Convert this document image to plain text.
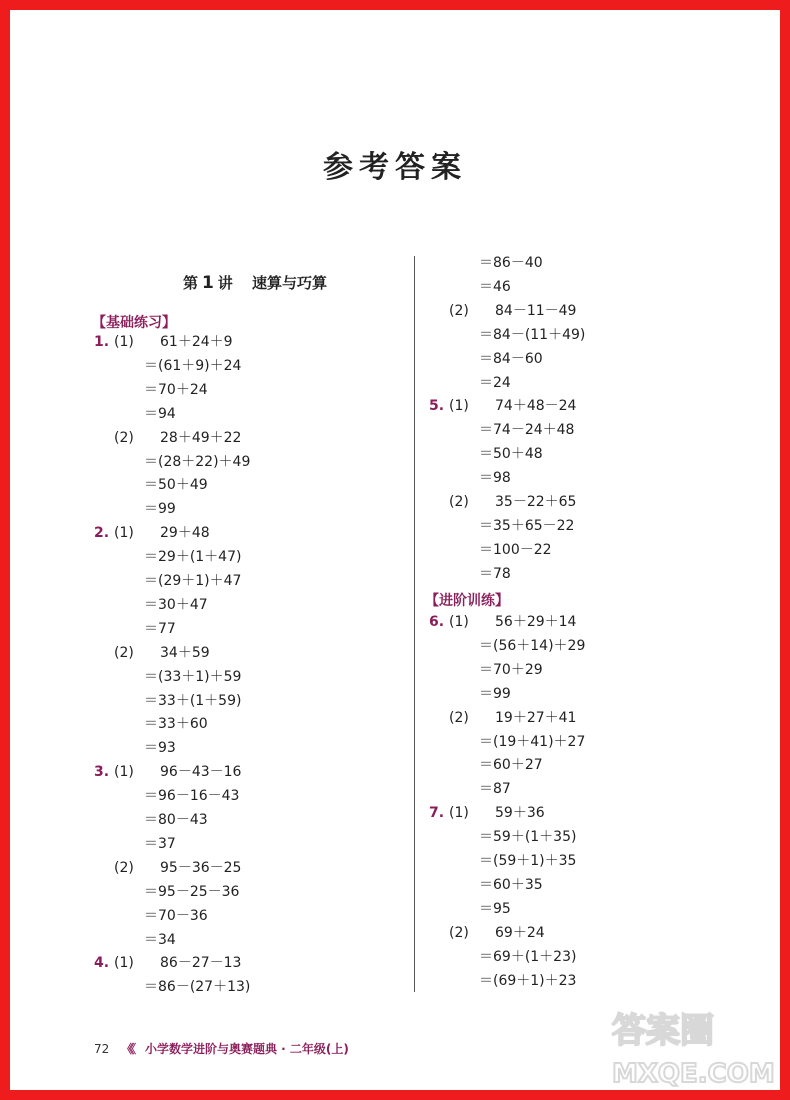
参考答案
第 1 讲 速算与巧算
【基础练习】
【进阶训练】
1. (1) 61＋24＋9
＝(61＋9)＋24
＝70＋24
＝94
(2) 28＋49＋22
＝(28＋22)＋49
＝50＋49
＝99
2. (1) 29＋48
＝29＋(1＋47)
＝(29＋1)＋47
＝30＋47
＝77
(2) 34＋59
＝(33＋1)＋59
＝33＋(1＋59)
＝33＋60
＝93
3. (1) 96－43－16
＝96－16－43
＝80－43
＝37
(2) 95－36－25
＝95－25－36
＝70－36
＝34
4. (1) 86－27－13
＝86－(27＋13)
＝86－40
＝46
(2) 84－11－49
＝84－(11＋49)
＝84－60
＝24
5. (1) 74＋48－24
＝74－24＋48
＝50＋48
＝98
(2) 35－22＋65
＝35＋65－22
＝100－22
＝78
6. (1) 56＋29＋14
＝(56＋14)＋29
＝70＋29
＝99
(2) 19＋27＋41
＝(19＋41)＋27
＝60＋27
＝87
7. (1) 59＋36
＝59＋(1＋35)
＝(59＋1)＋35
＝60＋35
＝95
(2) 69＋24
＝69＋(1＋23)
＝(69＋1)＋23
72 《《 小学数学进阶与奥赛题典 · 二年级(上)	答案圈
MXQE.COM
